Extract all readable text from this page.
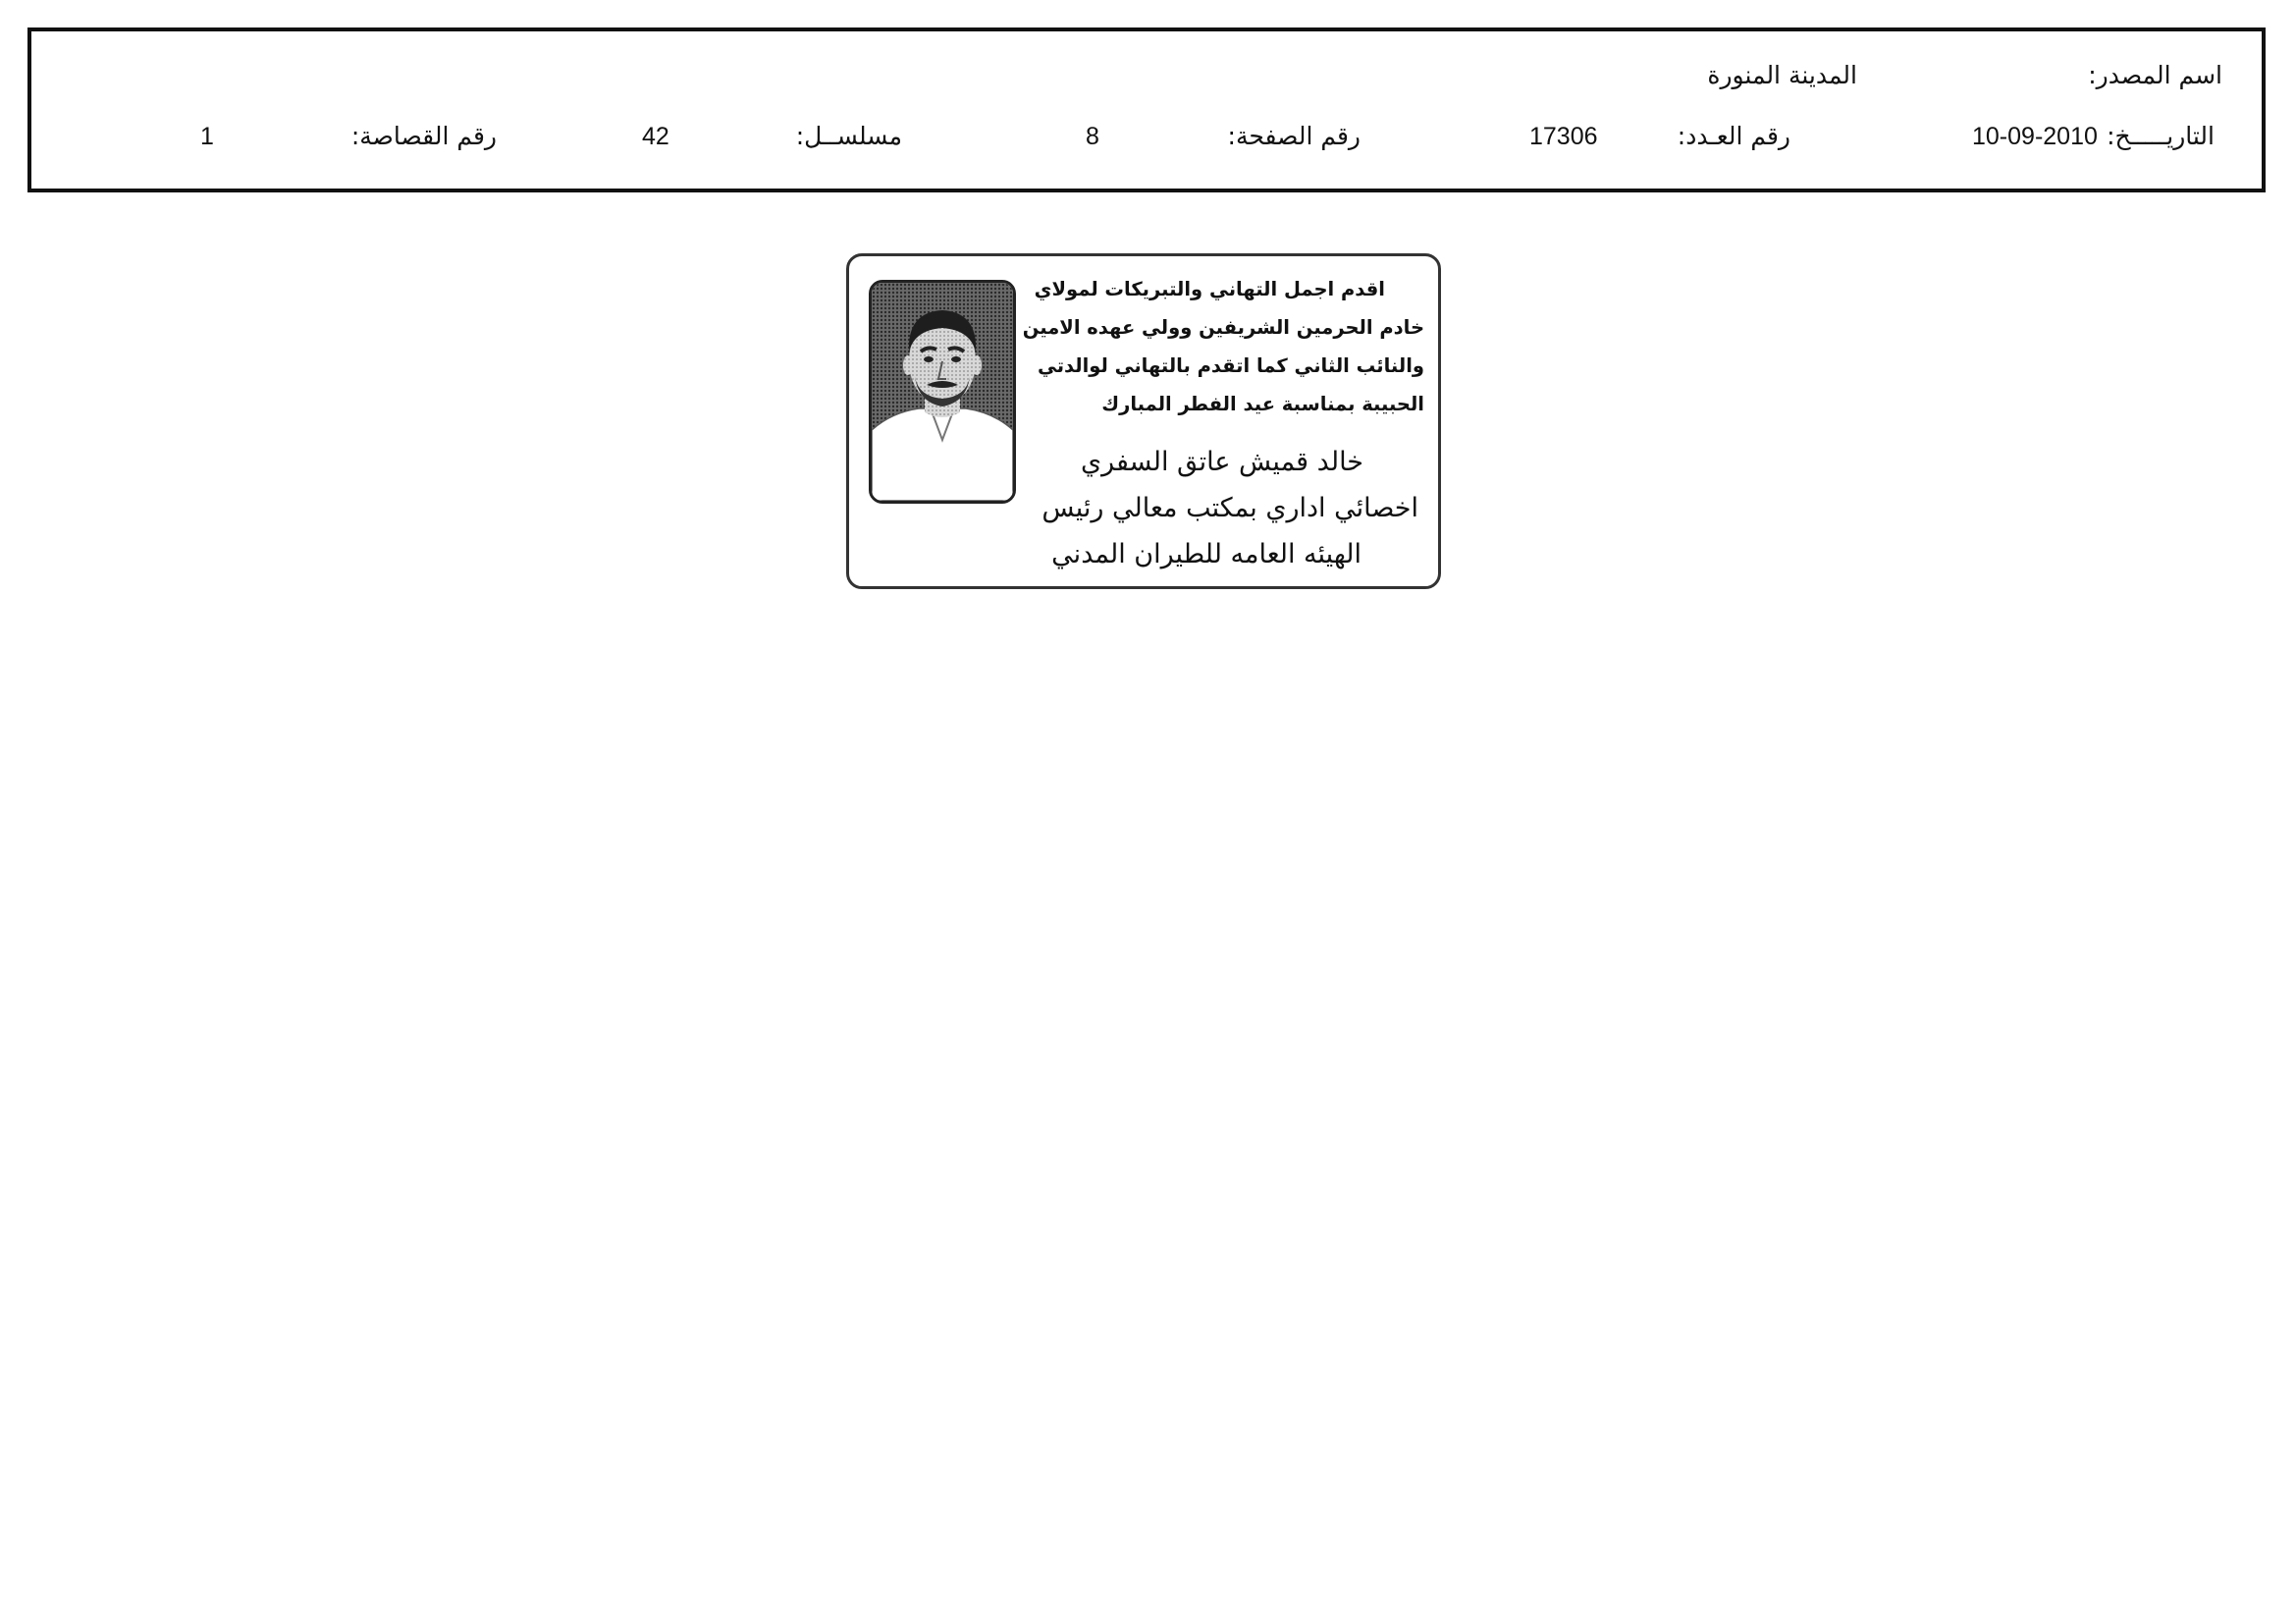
اسم المصدر:
المدينة المنورة
التاريـــــخ:
10-09-2010
رقم العـدد:
17306
رقم الصفحة:
8
مسلســل:
42
رقم القصاصة:
1
اقدم اجمل التهاني والتبريكات لمولاي
خادم الحرمين الشريفين وولي عهده الامين
والنائب الثاني كما اتقدم بالتهاني لوالدتي
الحبيبة بمناسبة عيد الفطر المبارك
خالد قميش عاتق السفري
اخصائي اداري بمكتب معالي رئيس
الهيئه العامه للطيران المدني
